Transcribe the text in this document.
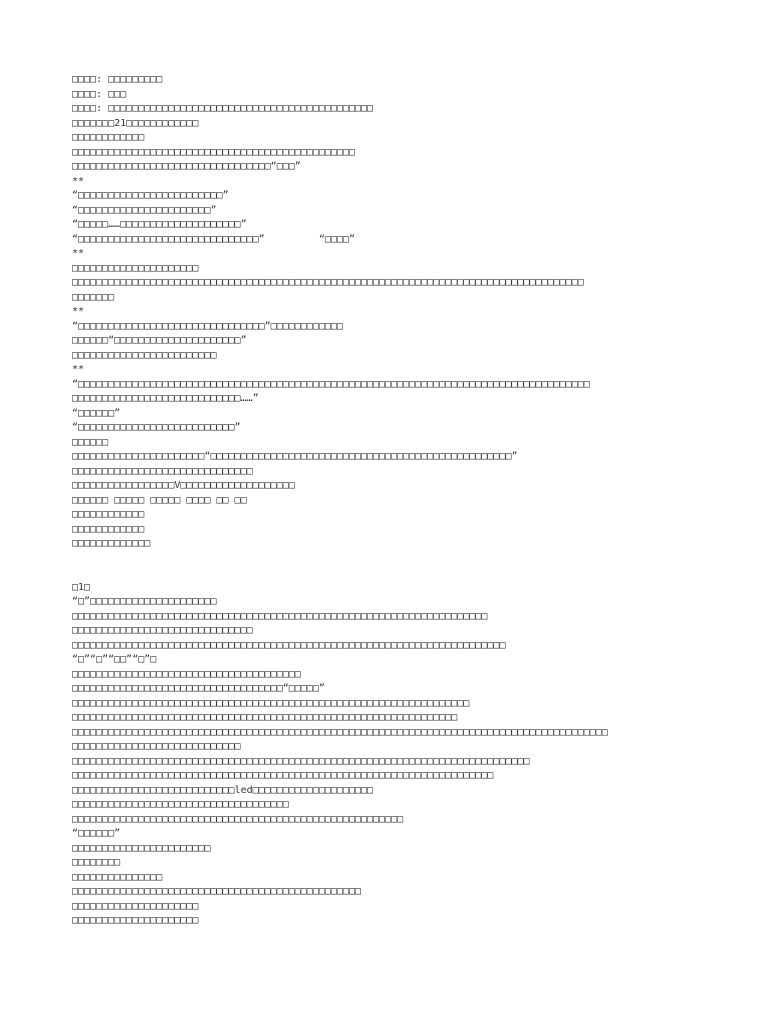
□□□□: □□□□□□□□□
□□□□: □□□
□□□□: □□□□□□□□□□□□□□□□□□□□□□□□□□□□□□□□□□□□□□□□□□□□
□□□□□□□21□□□□□□□□□□□□
□□□□□□□□□□□□
□□□□□□□□□□□□□□□□□□□□□□□□□□□□□□□□□□□□□□□□□□□□□□□
□□□□□□□□□□□□□□□□□□□□□□□□□□□□□□□□□“□□□”
**
“□□□□□□□□□□□□□□□□□□□□□□□□”
“□□□□□□□□□□□□□□□□□□□□□□”
“□□□□□……□□□□□□□□□□□□□□□□□□□□”
“□□□□□□□□□□□□□□□□□□□□□□□□□□□□□□”         “□□□□”
**
□□□□□□□□□□□□□□□□□□□□□
□□□□□□□□□□□□□□□□□□□□□□□□□□□□□□□□□□□□□□□□□□□□□□□□□□□□□□□□□□□□□□□□□□□□□□□□□□□□□□□□□□□□□
□□□□□□□
**
“□□□□□□□□□□□□□□□□□□□□□□□□□□□□□□□”□□□□□□□□□□□□
□□□□□□“□□□□□□□□□□□□□□□□□□□□□”
□□□□□□□□□□□□□□□□□□□□□□□□
**
“□□□□□□□□□□□□□□□□□□□□□□□□□□□□□□□□□□□□□□□□□□□□□□□□□□□□□□□□□□□□□□□□□□□□□□□□□□□□□□□□□□□□□
□□□□□□□□□□□□□□□□□□□□□□□□□□□□……”
“□□□□□□”
“□□□□□□□□□□□□□□□□□□□□□□□□□□”
□□□□□□
□□□□□□□□□□□□□□□□□□□□□□“□□□□□□□□□□□□□□□□□□□□□□□□□□□□□□□□□□□□□□□□□□□□□□□□□□”
□□□□□□□□□□□□□□□□□□□□□□□□□□□□□□
□□□□□□□□□□□□□□□□□V□□□□□□□□□□□□□□□□□□□
□□□□□□ □□□□□ □□□□□ □□□□ □□ □□
□□□□□□□□□□□□
□□□□□□□□□□□□
□□□□□□□□□□□□□
□1□
“□”□□□□□□□□□□□□□□□□□□□□□
□□□□□□□□□□□□□□□□□□□□□□□□□□□□□□□□□□□□□□□□□□□□□□□□□□□□□□□□□□□□□□□□□□□□□
□□□□□□□□□□□□□□□□□□□□□□□□□□□□□□
□□□□□□□□□□□□□□□□□□□□□□□□□□□□□□□□□□□□□□□□□□□□□□□□□□□□□□□□□□□□□□□□□□□□□□□□
“□”“□”“□□”“□”□
□□□□□□□□□□□□□□□□□□□□□□□□□□□□□□□□□□□□□□
□□□□□□□□□□□□□□□□□□□□□□□□□□□□□□□□□□□“□□□□□”
□□□□□□□□□□□□□□□□□□□□□□□□□□□□□□□□□□□□□□□□□□□□□□□□□□□□□□□□□□□□□□□□□□
□□□□□□□□□□□□□□□□□□□□□□□□□□□□□□□□□□□□□□□□□□□□□□□□□□□□□□□□□□□□□□□□
□□□□□□□□□□□□□□□□□□□□□□□□□□□□□□□□□□□□□□□□□□□□□□□□□□□□□□□□□□□□□□□□□□□□□□□□□□□□□□□□□□□□□□□□□
□□□□□□□□□□□□□□□□□□□□□□□□□□□□
□□□□□□□□□□□□□□□□□□□□□□□□□□□□□□□□□□□□□□□□□□□□□□□□□□□□□□□□□□□□□□□□□□□□□□□□□□□□
□□□□□□□□□□□□□□□□□□□□□□□□□□□□□□□□□□□□□□□□□□□□□□□□□□□□□□□□□□□□□□□□□□□□□□
□□□□□□□□□□□□□□□□□□□□□□□□□□□led□□□□□□□□□□□□□□□□□□□□
□□□□□□□□□□□□□□□□□□□□□□□□□□□□□□□□□□□□
□□□□□□□□□□□□□□□□□□□□□□□□□□□□□□□□□□□□□□□□□□□□□□□□□□□□□□□
“□□□□□□”
□□□□□□□□□□□□□□□□□□□□□□□
□□□□□□□□
□□□□□□□□□□□□□□□
□□□□□□□□□□□□□□□□□□□□□□□□□□□□□□□□□□□□□□□□□□□□□□□□
□□□□□□□□□□□□□□□□□□□□□
□□□□□□□□□□□□□□□□□□□□□
